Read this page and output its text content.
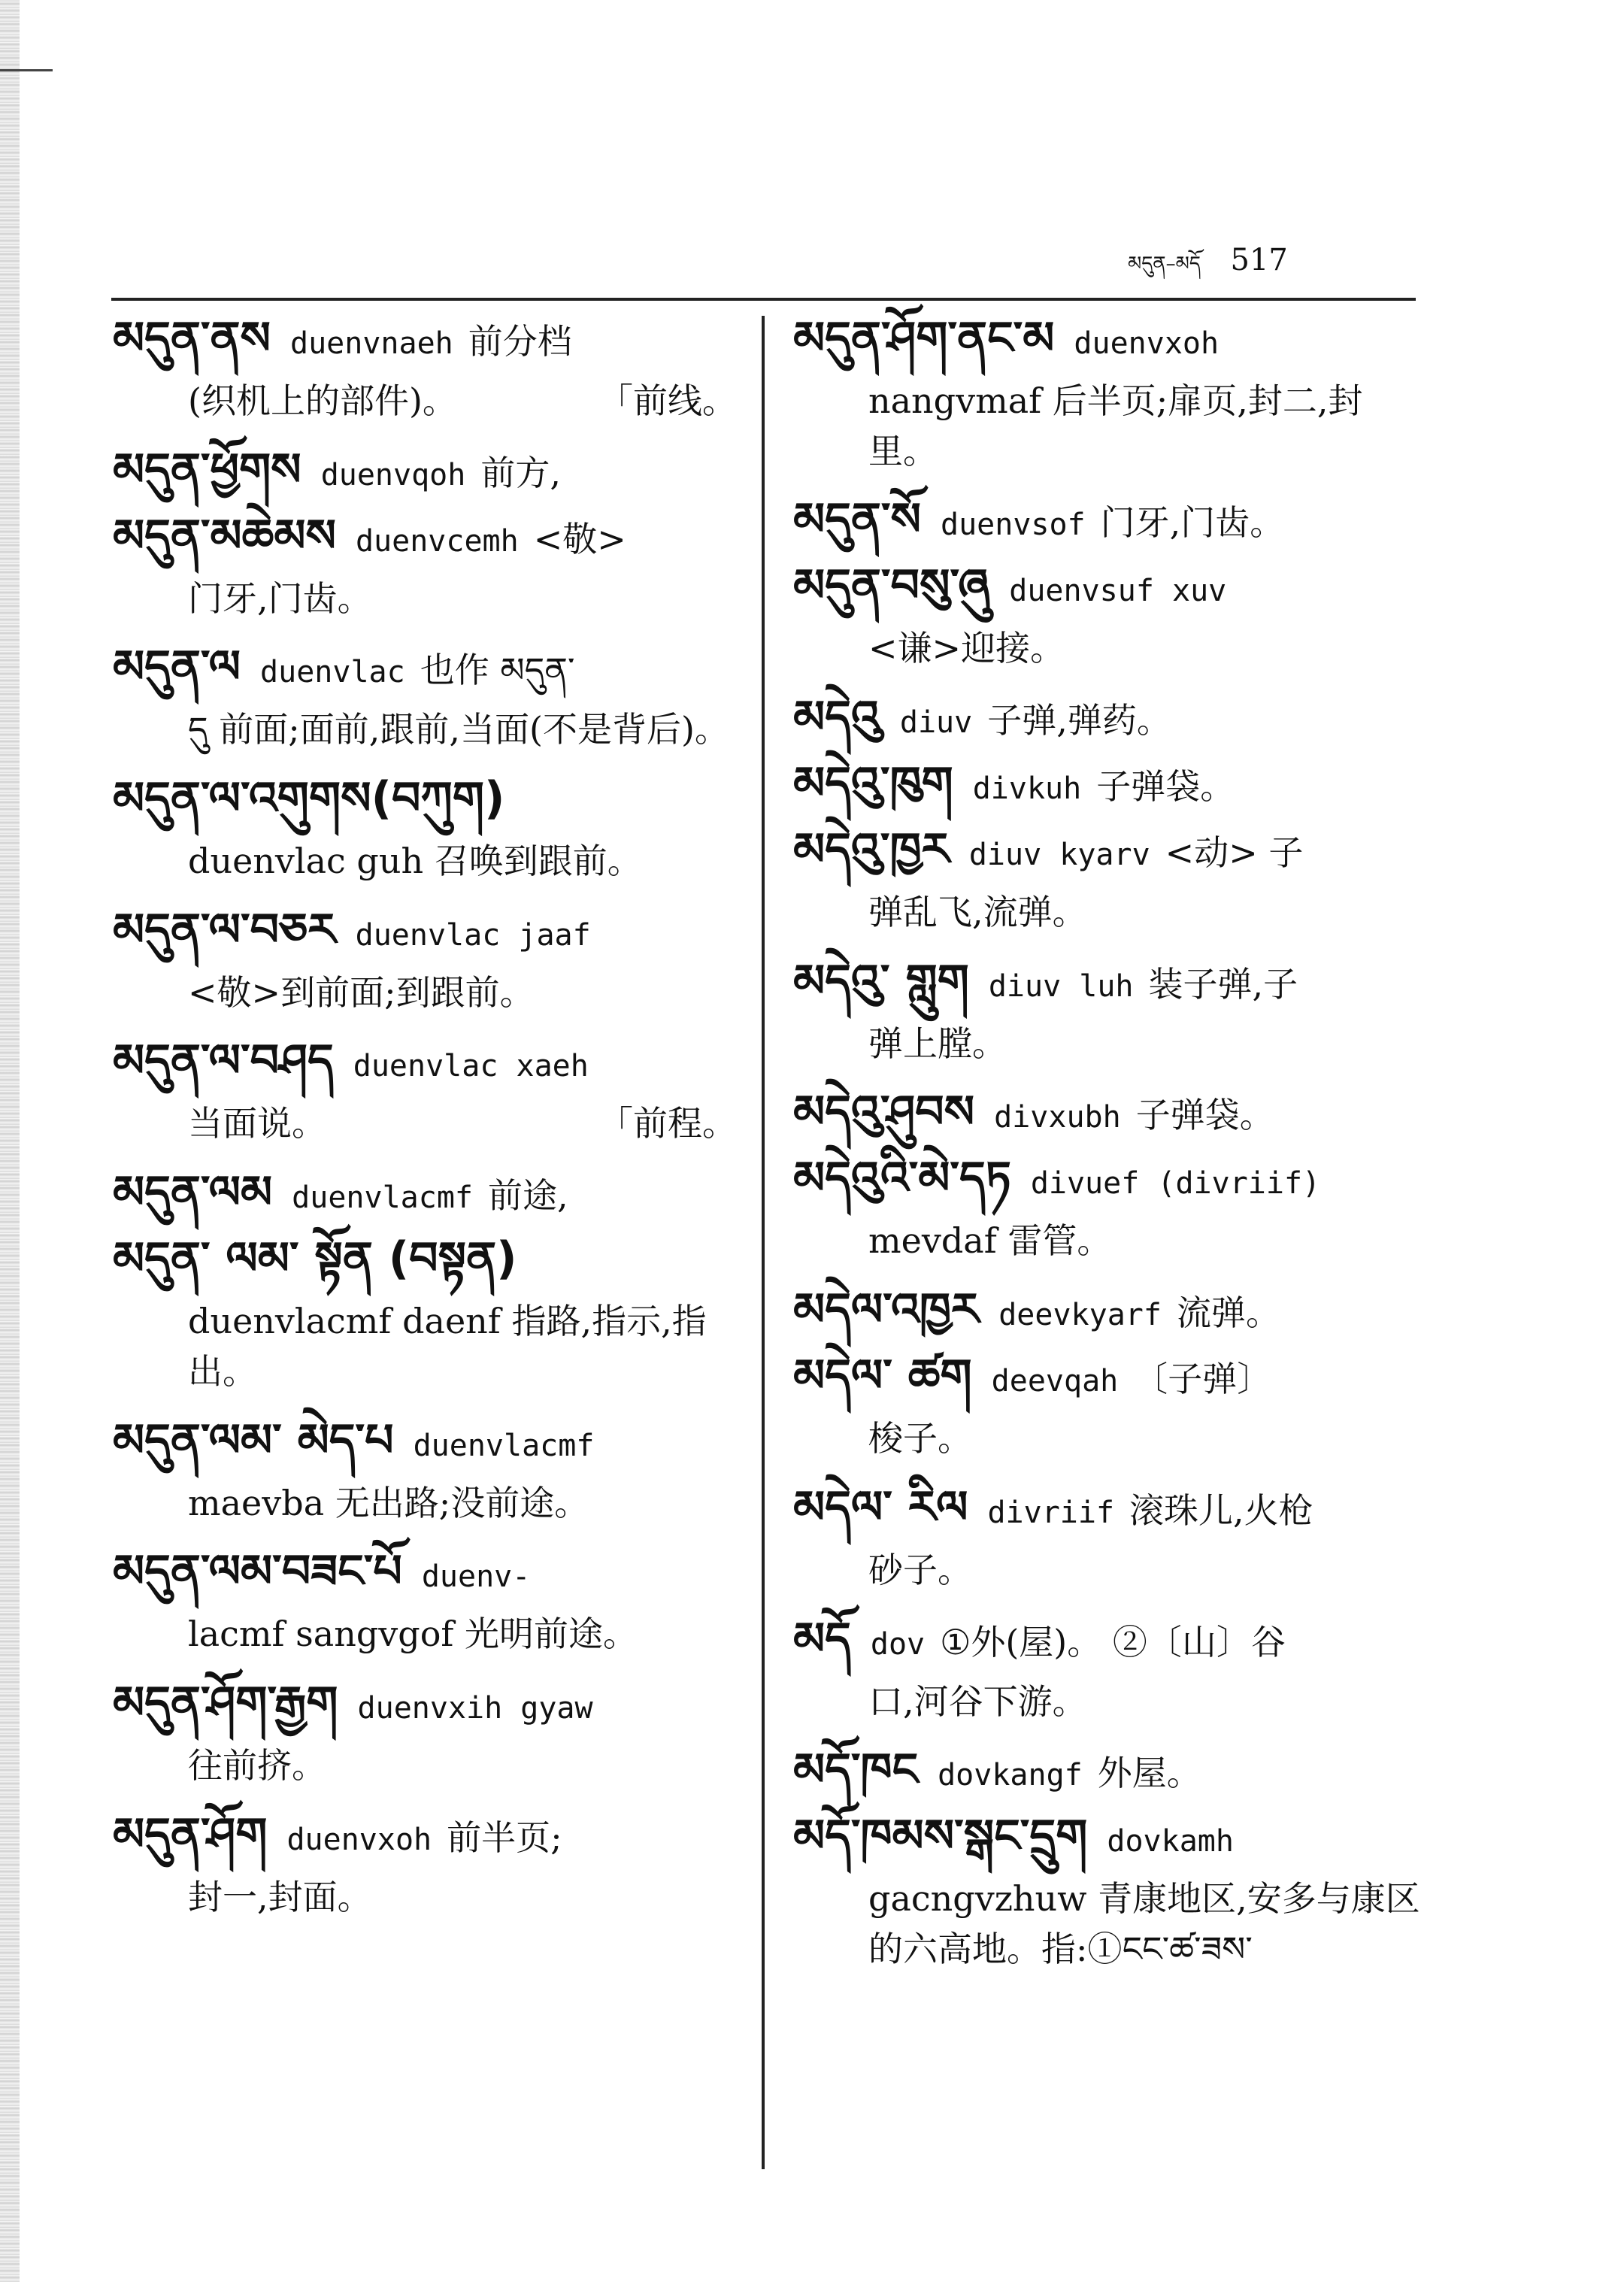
མདུན–མདོ 517
མདུན་ནས duenvnaeh 前分档
(织机上的部件)。	「前线。
མདུན་ཕྱོགས duenvqoh 前方,
མདུན་མཆེམས duenvcemh <敬>
门牙,门齿。
མདུན་ལ duenvlac 也作 མདུན་
དུ 前面;面前,跟前,当面(不是背后)。
མདུན་ལ་འགུགས(བཀུག)
duenvlac guh 召唤到跟前。
མདུན་ལ་བཅར duenvlac jaaf
<敬>到前面;到跟前。
མདུན་ལ་བཤད duenvlac xaeh
当面说。	「前程。
མདུན་ལམ duenvlacmf 前途,
མདུན་ ལམ་ སྟོན (བསྟན)
duenvlacmf daenf 指路,指示,指出。
མདུན་ལམ་ མེད་པ duenvlacmf
maevba 无出路;没前途。
མདུན་ལམ་བཟང་པོ duenv-
lacmf sangvgof 光明前途。
མདུན་ཤོག་རྒྱག duenvxih gyaw
往前挤。
མདུན་ཤོག duenvxoh 前半页;
封一,封面。
མདུན་ཤོག་ནང་མ duenvxoh
nangvmaf 后半页;扉页,封二,封里。
མདུན་སོ duenvsof 门牙,门齿。
མདུན་བསུ་ཞུ duenvsuf xuv
<谦>迎接。
མདེའུ diuv 子弹,弹药。
མདེའུ་ཁུག divkuh 子弹袋。
མདེའུ་ཁྱར diuv kyarv <动> 子
弹乱飞,流弹。
མདེའུ་ གླུག diuv luh 装子弹,子
弹上膛。
མདེའུ་ཤུབས divxubh 子弹袋。
མདེའུའི་མེ་དཏ divuef (divriif)
mevdaf 雷管。
མདེལ་འཁྱར deevkyarf 流弹。
མདེལ་ ཚག deevqah 〔子弹〕
梭子。
མདེལ་ རིལ divriif 滚珠儿,火枪
砂子。
མདོ dov ①外(屋)。 ②〔山〕谷
口,河谷下游。
མདོ་ཁང dovkangf 外屋。
མདོ་ཁམས་སྒང་དྲུག dovkamh
gacngvzhuw 青康地区,安多与康区的六高地。指:①ངང་ཚ་ཟས་
